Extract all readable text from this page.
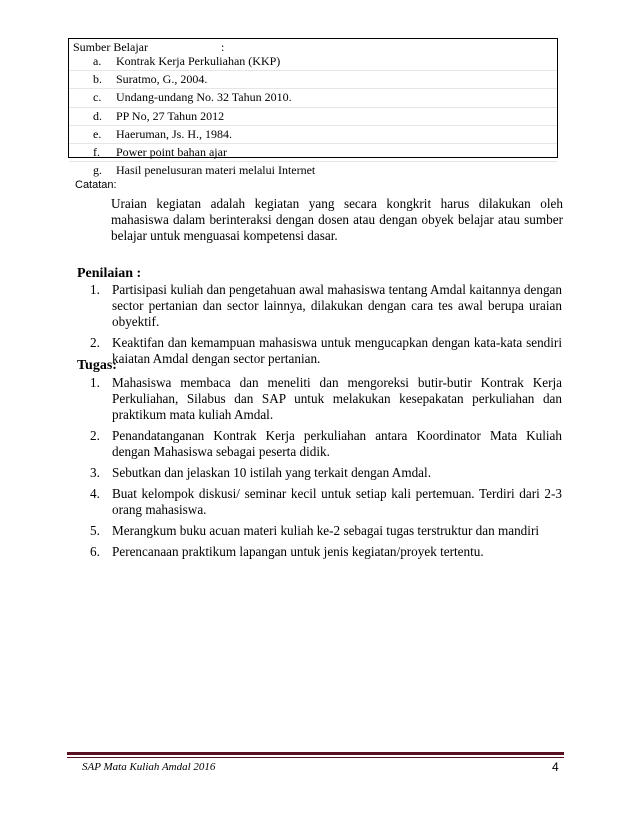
Sumber Belajar	:
a. Kontrak Kerja Perkuliahan (KKP)
b. Suratmo, G., 2004.
c. Undang-undang No. 32 Tahun 2010.
d. PP No, 27 Tahun 2012
e. Haeruman, Js. H., 1984.
f. Power point bahan ajar
g. Hasil penelusuran materi melalui Internet
Catatan:
Uraian kegiatan adalah kegiatan yang secara kongkrit harus dilakukan oleh mahasiswa dalam berinteraksi dengan dosen atau dengan obyek belajar atau sumber belajar untuk menguasai kompetensi dasar.
Penilaian :
1. Partisipasi kuliah dan pengetahuan awal mahasiswa tentang Amdal kaitannya dengan sector pertanian dan sector lainnya, dilakukan dengan cara tes awal berupa uraian obyektif.
2. Keaktifan dan kemampuan mahasiswa untuk mengucapkan dengan kata-kata sendiri kaiatan Amdal dengan sector pertanian.
Tugas:
1. Mahasiswa membaca dan meneliti dan mengoreksi butir-butir Kontrak Kerja Perkuliahan, Silabus dan SAP untuk melakukan kesepakatan perkuliahan dan praktikum mata kuliah Amdal.
2. Penandatanganan Kontrak Kerja perkuliahan antara Koordinator Mata Kuliah dengan Mahasiswa sebagai peserta didik.
3. Sebutkan dan jelaskan 10 istilah yang terkait dengan Amdal.
4. Buat kelompok diskusi/ seminar kecil untuk setiap kali pertemuan. Terdiri dari 2-3 orang mahasiswa.
5. Merangkum buku acuan materi kuliah ke-2 sebagai tugas terstruktur dan mandiri
6. Perencanaan praktikum lapangan untuk jenis kegiatan/proyek tertentu.
SAP Mata Kuliah Amdal 2016	4
